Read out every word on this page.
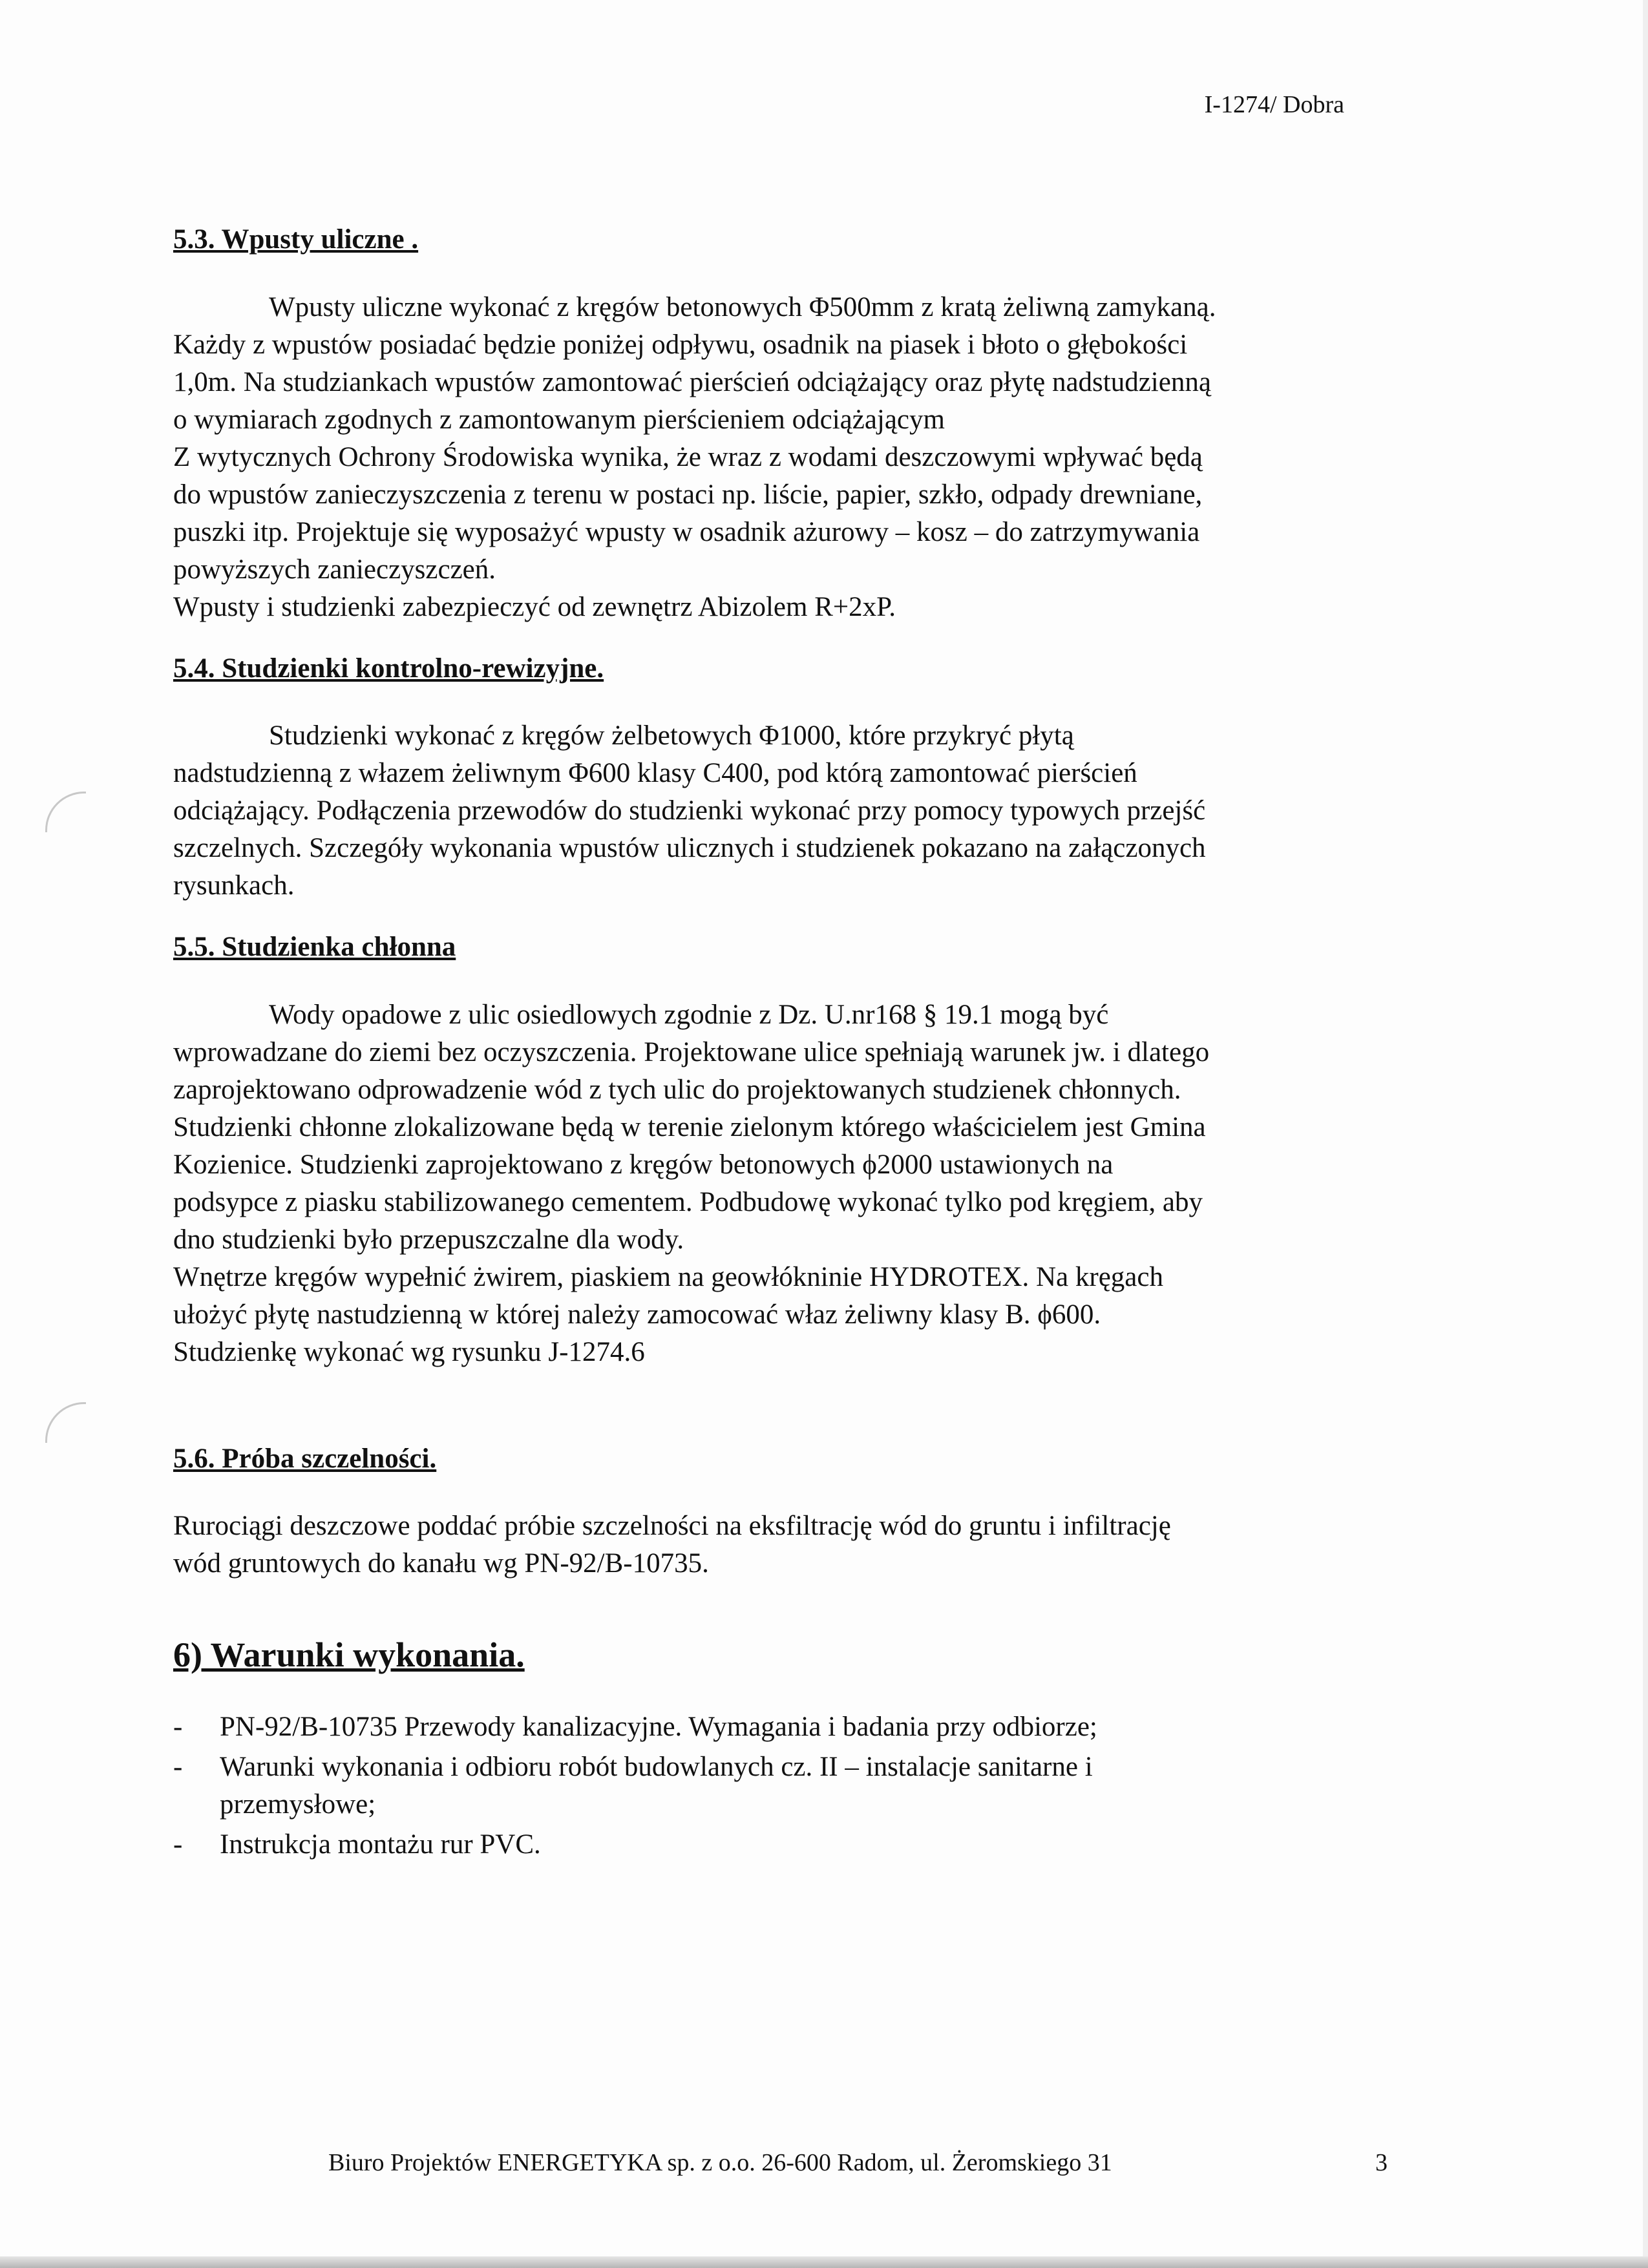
I-1274/ Dobra
5.3. Wpusty uliczne .
Wpusty uliczne wykonać z kręgów betonowych Φ500mm z kratą żeliwną zamykaną.
Każdy z wpustów posiadać będzie poniżej odpływu, osadnik na piasek i błoto o głębokości
1,0m. Na studziankach wpustów zamontować pierścień odciążający oraz płytę nadstudzienną
o wymiarach zgodnych z zamontowanym pierścieniem odciążającym
Z wytycznych Ochrony Środowiska wynika, że wraz z wodami deszczowymi wpływać będą
do wpustów zanieczyszczenia z terenu w postaci np. liście, papier, szkło, odpady drewniane,
puszki itp. Projektuje się wyposażyć wpusty w osadnik ażurowy – kosz – do zatrzymywania
powyższych zanieczyszczeń.
Wpusty i studzienki zabezpieczyć od zewnętrz Abizolem R+2xP.
5.4. Studzienki kontrolno-rewizyjne.
Studzienki wykonać z kręgów żelbetowych Φ1000, które przykryć płytą
nadstudzienną z włazem żeliwnym Φ600 klasy C400, pod którą zamontować pierścień
odciążający. Podłączenia przewodów do studzienki wykonać przy pomocy typowych przejść
szczelnych. Szczegóły wykonania wpustów ulicznych i studzienek pokazano na załączonych
rysunkach.
5.5. Studzienka chłonna
Wody opadowe z ulic osiedlowych zgodnie z Dz. U.nr168 § 19.1 mogą być
wprowadzane do ziemi bez oczyszczenia. Projektowane ulice spełniają warunek jw. i dlatego
zaprojektowano odprowadzenie wód z tych ulic do projektowanych studzienek chłonnych.
Studzienki chłonne zlokalizowane będą w terenie zielonym którego właścicielem jest Gmina
Kozienice. Studzienki zaprojektowano z kręgów betonowych ϕ2000 ustawionych na
podsypce z piasku stabilizowanego cementem. Podbudowę wykonać tylko pod kręgiem, aby
dno studzienki było przepuszczalne dla wody.
Wnętrze kręgów wypełnić żwirem, piaskiem na geowłókninie HYDROTEX. Na kręgach
ułożyć płytę nastudzienną w której należy zamocować właz żeliwny klasy B. ϕ600.
Studzienkę wykonać wg rysunku J-1274.6
5.6. Próba szczelności.
Rurociągi deszczowe poddać próbie szczelności na eksfiltrację wód do gruntu i infiltrację
wód gruntowych do kanału wg PN-92/B-10735.
6) Warunki wykonania.
- PN-92/B-10735 Przewody kanalizacyjne. Wymagania i badania przy odbiorze;
- Warunki wykonania i odbioru robót budowlanych cz. II – instalacje sanitarne i
przemysłowe;
- Instrukcja montażu rur PVC.
Biuro Projektów ENERGETYKA sp. z o.o. 26-600 Radom, ul. Żeromskiego 31	3
